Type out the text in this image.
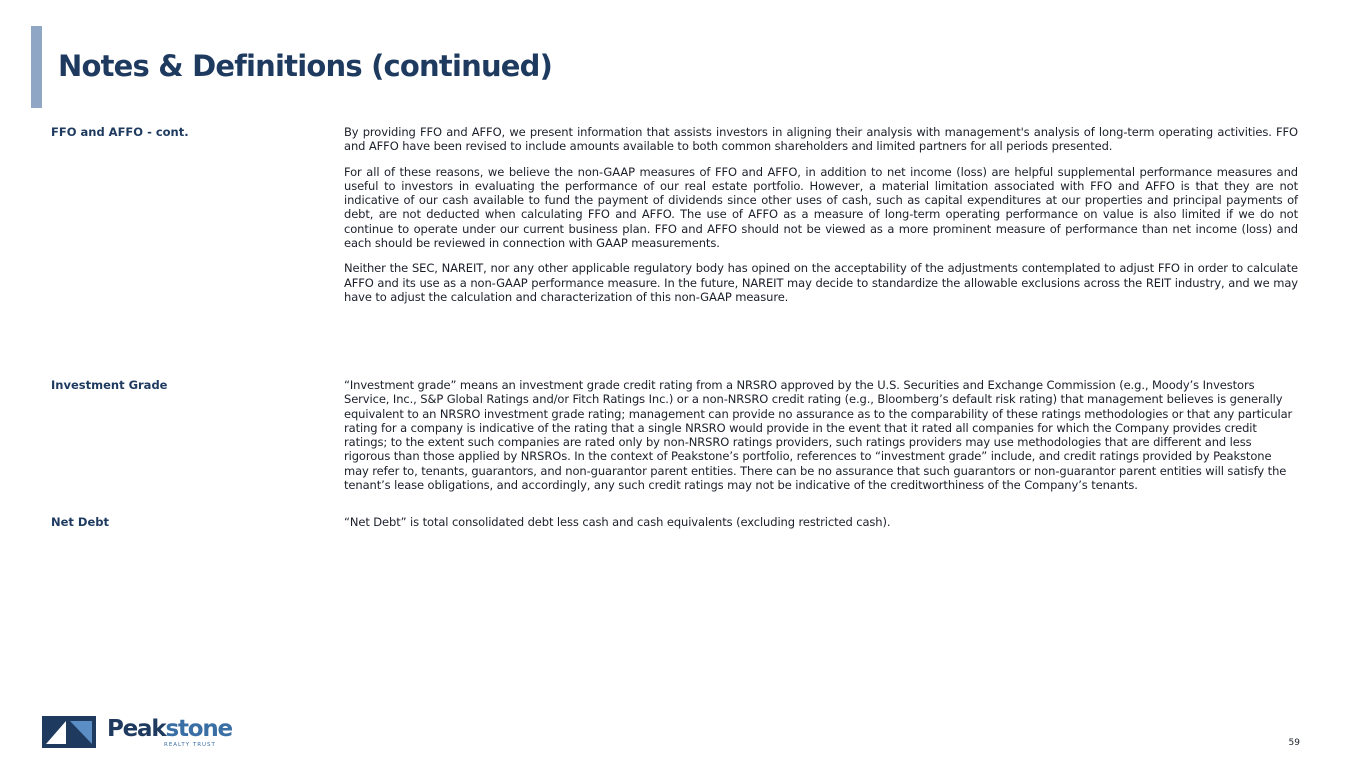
Notes & Definitions (continued)
FFO and AFFO - cont.	By providing FFO and AFFO, we present information that assists investors in aligning their analysis with management's analysis of long-term operating activities. FFO and AFFO have been revised to include amounts available to both common shareholders and limited partners for all periods presented.

For all of these reasons, we believe the non-GAAP measures of FFO and AFFO, in addition to net income (loss) are helpful supplemental performance measures and useful to investors in evaluating the performance of our real estate portfolio. However, a material limitation associated with FFO and AFFO is that they are not indicative of our cash available to fund the payment of dividends since other uses of cash, such as capital expenditures at our properties and principal payments of debt, are not deducted when calculating FFO and AFFO. The use of AFFO as a measure of long-term operating performance on value is also limited if we do not continue to operate under our current business plan. FFO and AFFO should not be viewed as a more prominent measure of performance than net income (loss) and each should be reviewed in connection with GAAP measurements.

Neither the SEC, NAREIT, nor any other applicable regulatory body has opined on the acceptability of the adjustments contemplated to adjust FFO in order to calculate AFFO and its use as a non-GAAP performance measure. In the future, NAREIT may decide to standardize the allowable exclusions across the REIT industry, and we may have to adjust the calculation and characterization of this non-GAAP measure.

Investment Grade	“Investment grade” means an investment grade credit rating from a NRSRO approved by the U.S. Securities and Exchange Commission (e.g., Moody’s Investors Service, Inc., S&P Global Ratings and/or Fitch Ratings Inc.) or a non-NRSRO credit rating (e.g., Bloomberg’s default risk rating) that management believes is generally equivalent to an NRSRO investment grade rating; management can provide no assurance as to the comparability of these ratings methodologies or that any particular rating for a company is indicative of the rating that a single NRSRO would provide in the event that it rated all companies for which the Company provides credit ratings; to the extent such companies are rated only by non-NRSRO ratings providers, such ratings providers may use methodologies that are different and less rigorous than those applied by NRSROs. In the context of Peakstone’s portfolio, references to “investment grade” include, and credit ratings provided by Peakstone may refer to, tenants, guarantors, and non-guarantor parent entities. There can be no assurance that such guarantors or non-guarantor parent entities will satisfy the tenant’s lease obligations, and accordingly, any such credit ratings may not be indicative of the creditworthiness of the Company’s tenants.

Net Debt	“Net Debt” is total consolidated debt less cash and cash equivalents (excluding restricted cash).

Peakstone
REALTY TRUST	59
